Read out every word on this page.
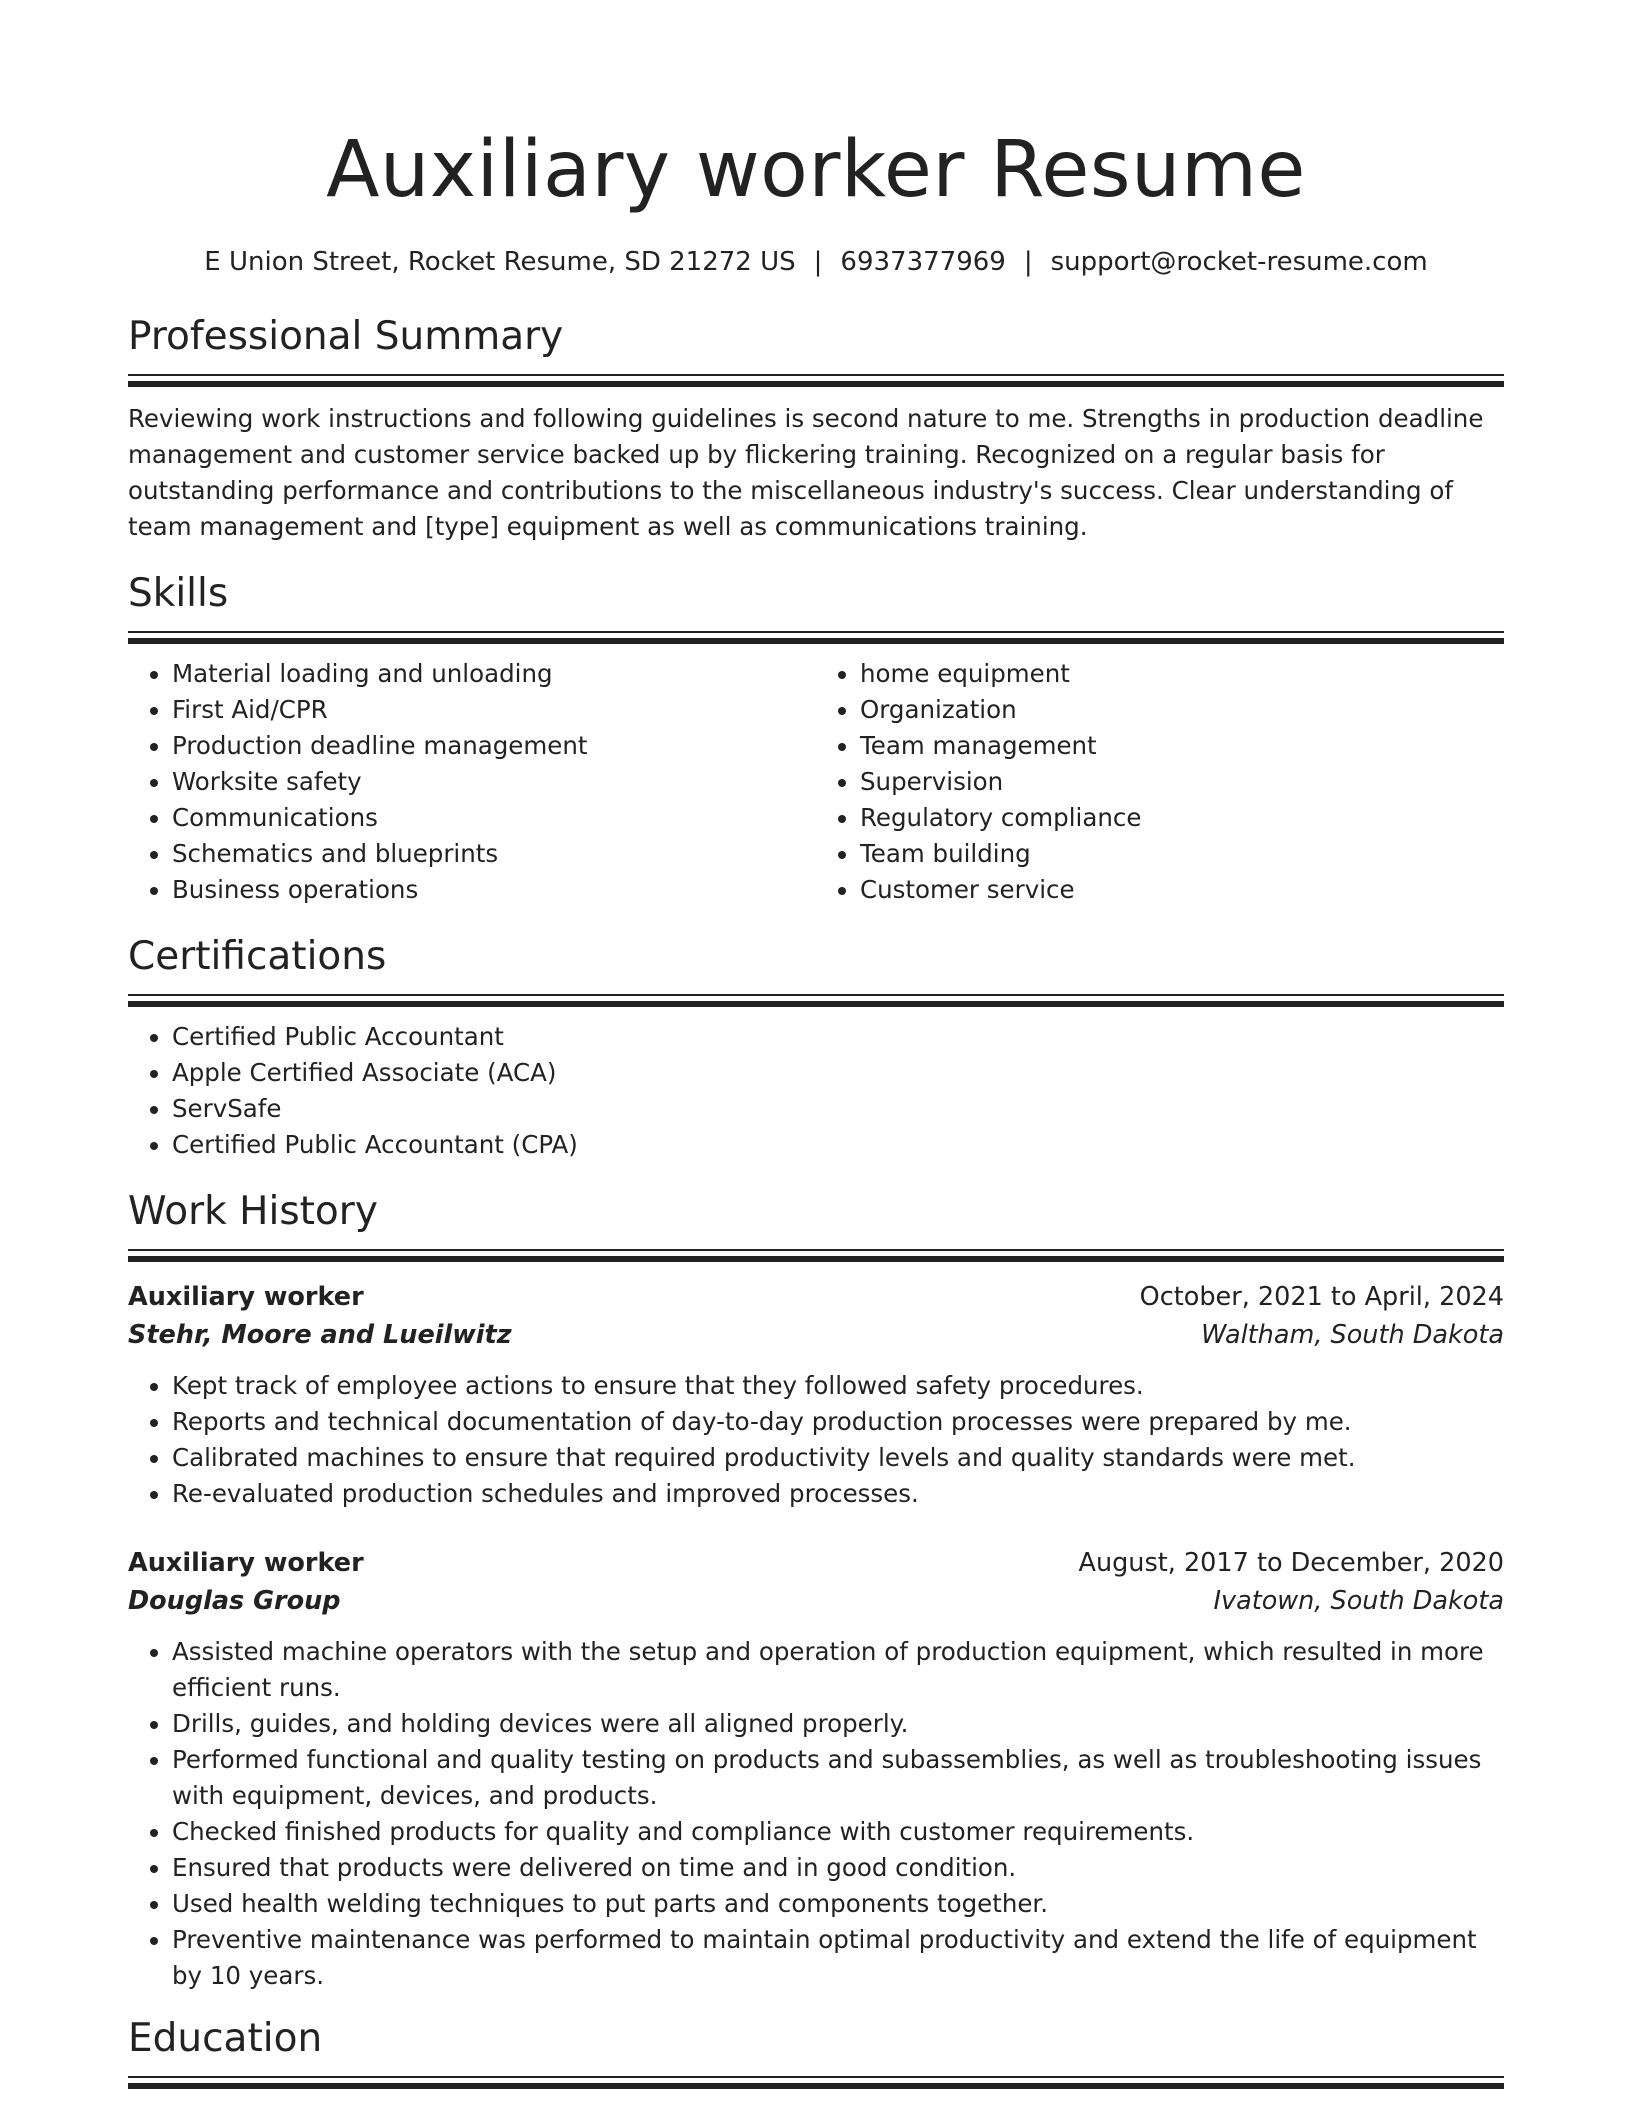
Auxiliary worker Resume
E Union Street, Rocket Resume, SD 21272 US | 6937377969 | support@rocket-resume.com
Professional Summary
Reviewing work instructions and following guidelines is second nature to me. Strengths in production deadline management and customer service backed up by flickering training. Recognized on a regular basis for outstanding performance and contributions to the miscellaneous industry's success. Clear understanding of team management and [type] equipment as well as communications training.
Skills
• Material loading and unloading
• First Aid/CPR
• Production deadline management
• Worksite safety
• Communications
• Schematics and blueprints
• Business operations
• home equipment
• Organization
• Team management
• Supervision
• Regulatory compliance
• Team building
• Customer service
Certifications
• Certified Public Accountant
• Apple Certified Associate (ACA)
• ServSafe
• Certified Public Accountant (CPA)
Work History
Auxiliary worker	October, 2021 to April, 2024
Stehr, Moore and Lueilwitz	Waltham, South Dakota
• Kept track of employee actions to ensure that they followed safety procedures.
• Reports and technical documentation of day-to-day production processes were prepared by me.
• Calibrated machines to ensure that required productivity levels and quality standards were met.
• Re-evaluated production schedules and improved processes.
Auxiliary worker	August, 2017 to December, 2020
Douglas Group	Ivatown, South Dakota
• Assisted machine operators with the setup and operation of production equipment, which resulted in more efficient runs.
• Drills, guides, and holding devices were all aligned properly.
• Performed functional and quality testing on products and subassemblies, as well as troubleshooting issues with equipment, devices, and products.
• Checked finished products for quality and compliance with customer requirements.
• Ensured that products were delivered on time and in good condition.
• Used health welding techniques to put parts and components together.
• Preventive maintenance was performed to maintain optimal productivity and extend the life of equipment by 10 years.
Education
